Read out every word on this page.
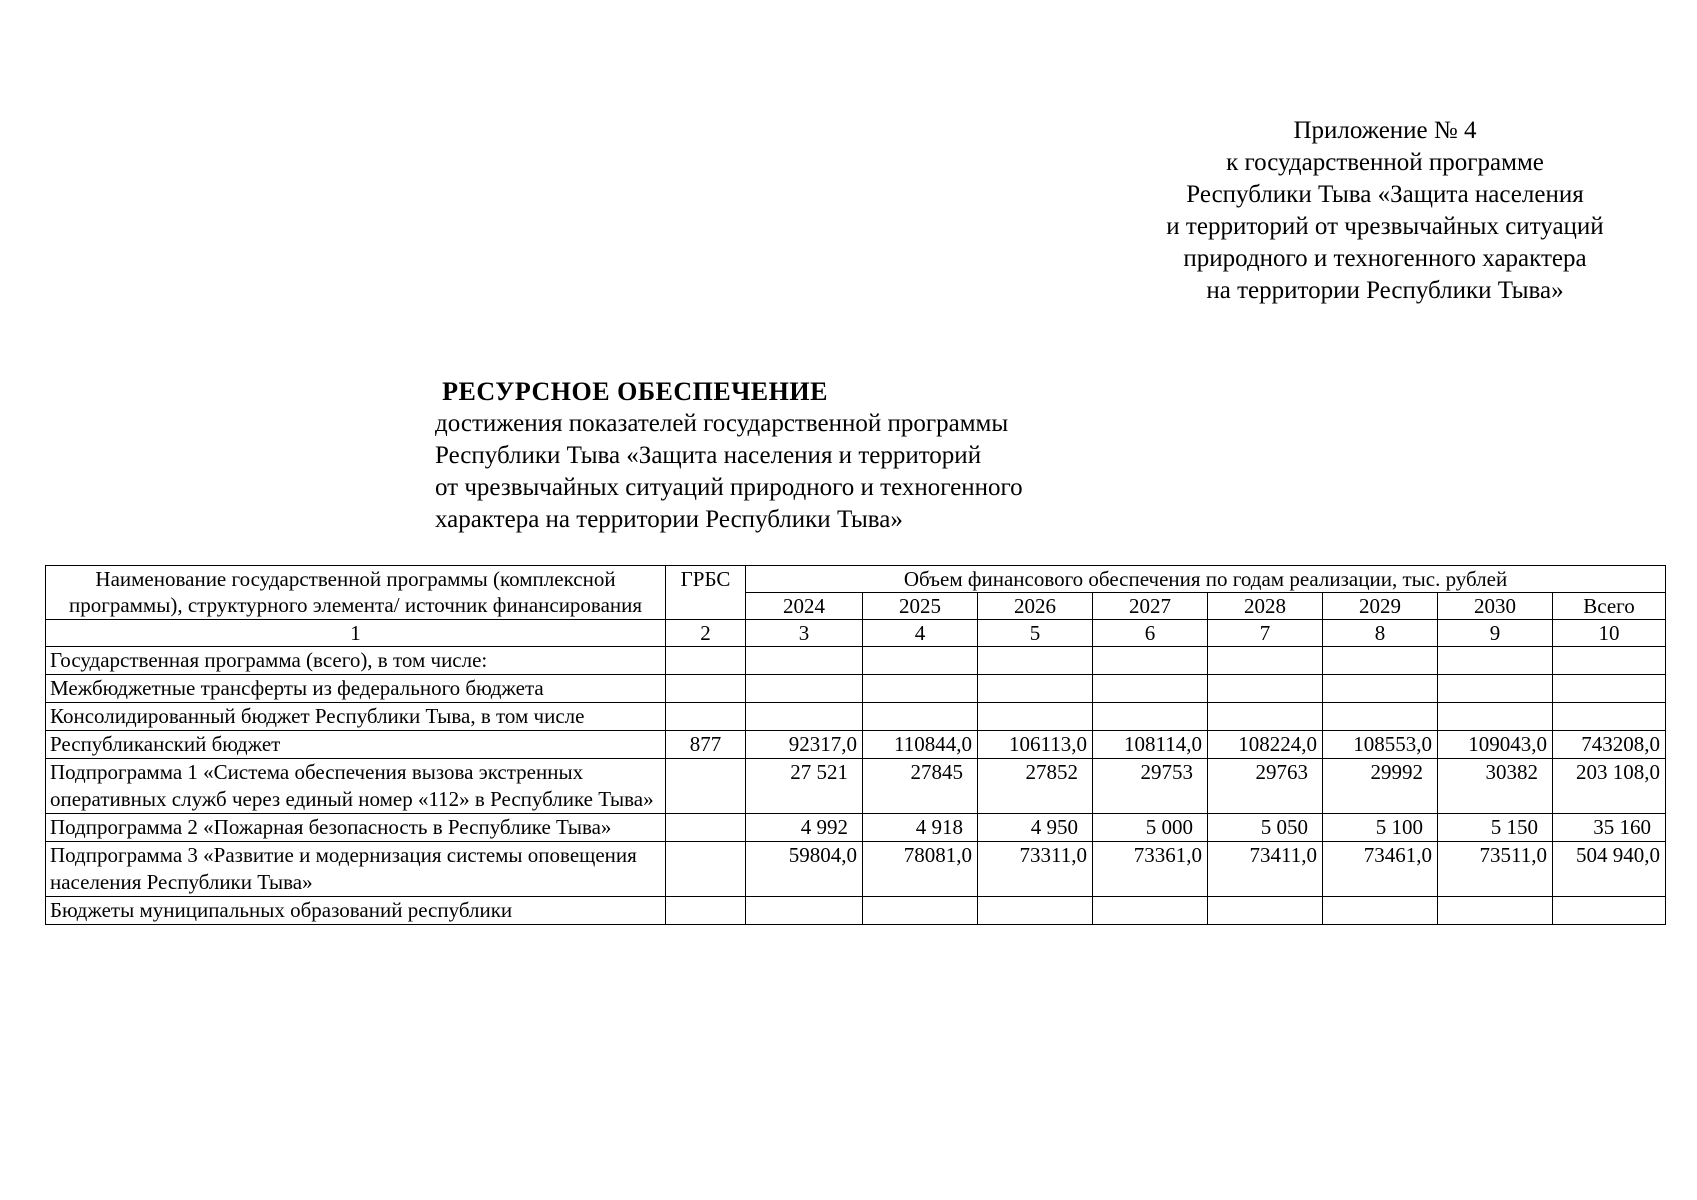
Приложение № 4
к государственной программе
Республики Тыва «Защита населения
и территорий от чрезвычайных ситуаций
природного и техногенного характера
на территории Республики Тыва»
РЕСУРСНОЕ ОБЕСПЕЧЕНИЕ
достижения показателей государственной программы
Республики Тыва «Защита населения и территорий
от чрезвычайных ситуаций природного и техногенного
характера на территории Республики Тыва»
Наименование государственной программы (комплексной программы), структурного элемента/ источник финансирования	ГРБС	Объем финансового обеспечения по годам реализации, тыс. рублей							
		2024	2025	2026	2027	2028	2029	2030	Всего
1	2	3	4	5	6	7	8	9	10
Государственная программа (всего), в том числе:									
Межбюджетные трансферты из федерального бюджета									
Консолидированный бюджет Республики Тыва, в том числе									
Республиканский бюджет	877	92317,0	110844,0	106113,0	108114,0	108224,0	108553,0	109043,0	743208,0
Подпрограмма 1 «Система обеспечения вызова экстренных оперативных служб через единый номер «112» в Республике Тыва»		27 521	27845	27852	29753	29763	29992	30382	203 108,0
Подпрограмма 2 «Пожарная безопасность в Республике Тыва»		4 992	4 918	4 950	5 000	5 050	5 100	5 150	35 160
Подпрограмма 3 «Развитие и модернизация системы оповещения населения Республики Тыва»		59804,0	78081,0	73311,0	73361,0	73411,0	73461,0	73511,0	504 940,0
Бюджеты муниципальных образований республики									
